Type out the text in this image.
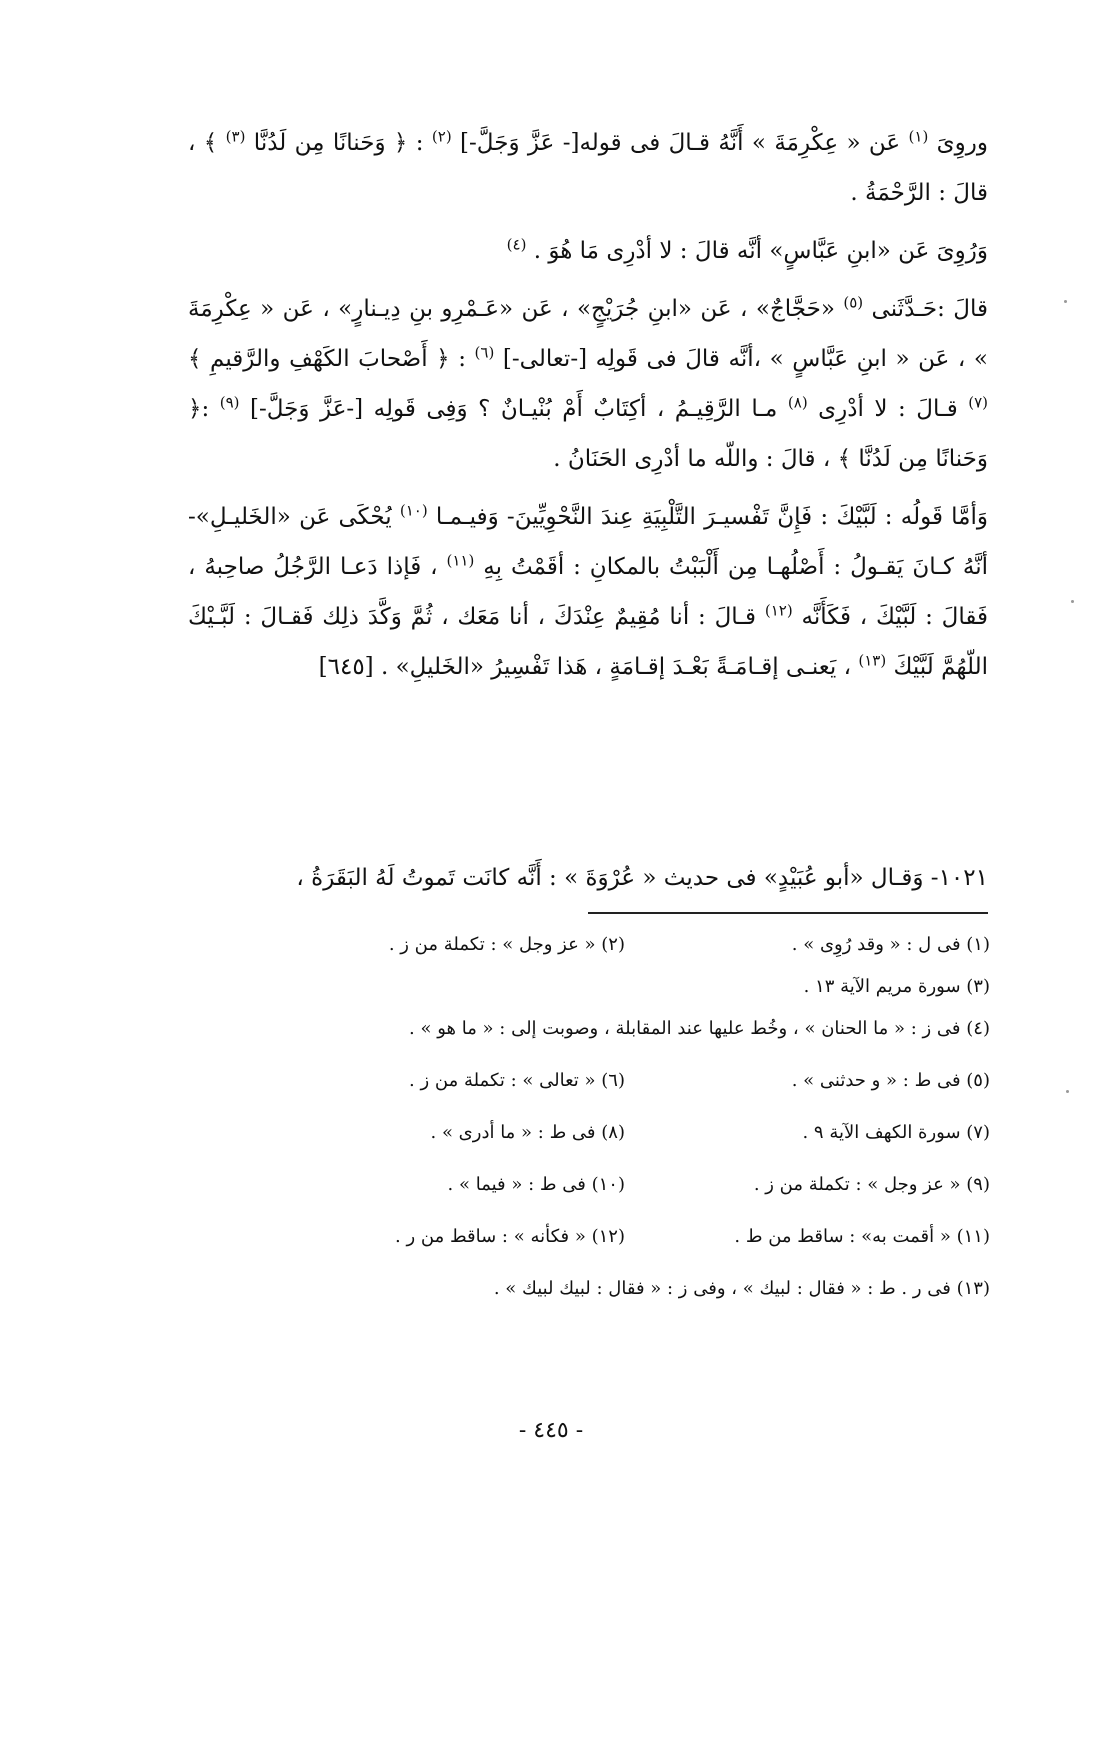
وروِىَ $^{(١)}$ عَن « عِكْرِمَةَ » أَنَّهُ قـالَ فى قوله[- عَزَّ وَجَلَّ-] $^{(٢)}$ : ﴿ وَحَنانًا مِن لَدُنَّا $^{(٣)}$ ﴾ ، قالَ : الرَّحْمَةُ .

وَرُوِىَ عَن «ابنِ عَبَّاسٍ» أنَّه قالَ : لا أدْرِى مَا هُوَ . $^{(٤)}$

قالَ :حَـدَّثَنى $^{(٥)}$ «حَجَّاجٌ» ، عَن «ابنِ جُرَيْجٍ» ، عَن «عَـمْرِو بنِ دِيـنارٍ» ، عَن « عِكْرِمَةَ » ، عَن « ابنِ عَبَّاسٍ » ،أنَّه قالَ فى قَولِه [-تعالى-] $^{(٦)}$ : ﴿ أَصْحابَ الكَهْفِ والرَّقيمِ ﴾ $^{(٧)}$ قـالَ : لا أدْرِى $^{(٨)}$ مـا الرَّقِيـمُ ، أكِتَابٌ أَمْ بُنْيـانٌ ؟ وَفِى قَولِه [-عَزَّ وَجَلَّ-] $^{(٩)}$ :﴿ وَحَنانًا مِن لَدُنَّا ﴾ ، قالَ : واللّه ما أدْرِى الحَنَانُ .

وَأمَّا قَولُه : لَبَّيْكَ : فَإِنَّ تَفْسيـرَ التَّلْبِيَةِ عِندَ النَّحْوِيِّينَ- وَفيـمـا $^{(١٠)}$ يُحْكَى عَن «الخَليـلِ»- أنَّهُ كـانَ يَقـولُ : أَصْلُهـا مِن أَلْبَبْتُ بالمكانِ : أقَمْتُ بِهِ $^{(١١)}$ ، فَإذا دَعـا الرَّجُلُ صاحِبهُ ، فَقالَ : لَبَّيْكَ ، فَكَأَنَّه $^{(١٢)}$ قـالَ : أنا مُقِيمٌ عِنْدَكَ ، أنا مَعَك ، ثُمَّ وَكَّدَ ذلِك فَقـالَ : لَبَّـيْكَ اللّهُمَّ لَبَّيْكَ $^{(١٣)}$ ، يَعنـى إقـامَـةً بَعْـدَ إقـامَةٍ ، هَذا تَفْسِيرُ «الخَليلِ» . [٦٤٥]

١٠٢١- وَقـال «أبو عُبَيْدٍ» فى حديث « عُرْوَةَ » : أَنَّه كانَت تَموتُ لَهُ البَقَرَةُ ،
(١) فى ل : « وقد رُوِى » .
(٢) « عز وجل » : تكملة من ز .
(٣) سورة مريم الآية ١٣ .
(٤) فى ز : « ما الحنان » ، وخُط عليها عند المقابلة ، وصوبت إلى : « ما هو » .
(٥) فى ط : « و حدثنى » .
(٦) « تعالى » : تكملة من ز .
(٧) سورة الكهف الآية ٩ .
(٨) فى ط : « ما أدرى » .
(٩) « عز وجل » : تكملة من ز .
(١٠) فى ط : « فيما » .
(١١) « أقمت به» : ساقط من ط .
(١٢) « فكأنه » : ساقط من ر .
(١٣) فى ر . ط : « فقال : لبيك » ، وفى ز : « فقال : لبيك لبيك » .
- ٤٤٥ -
